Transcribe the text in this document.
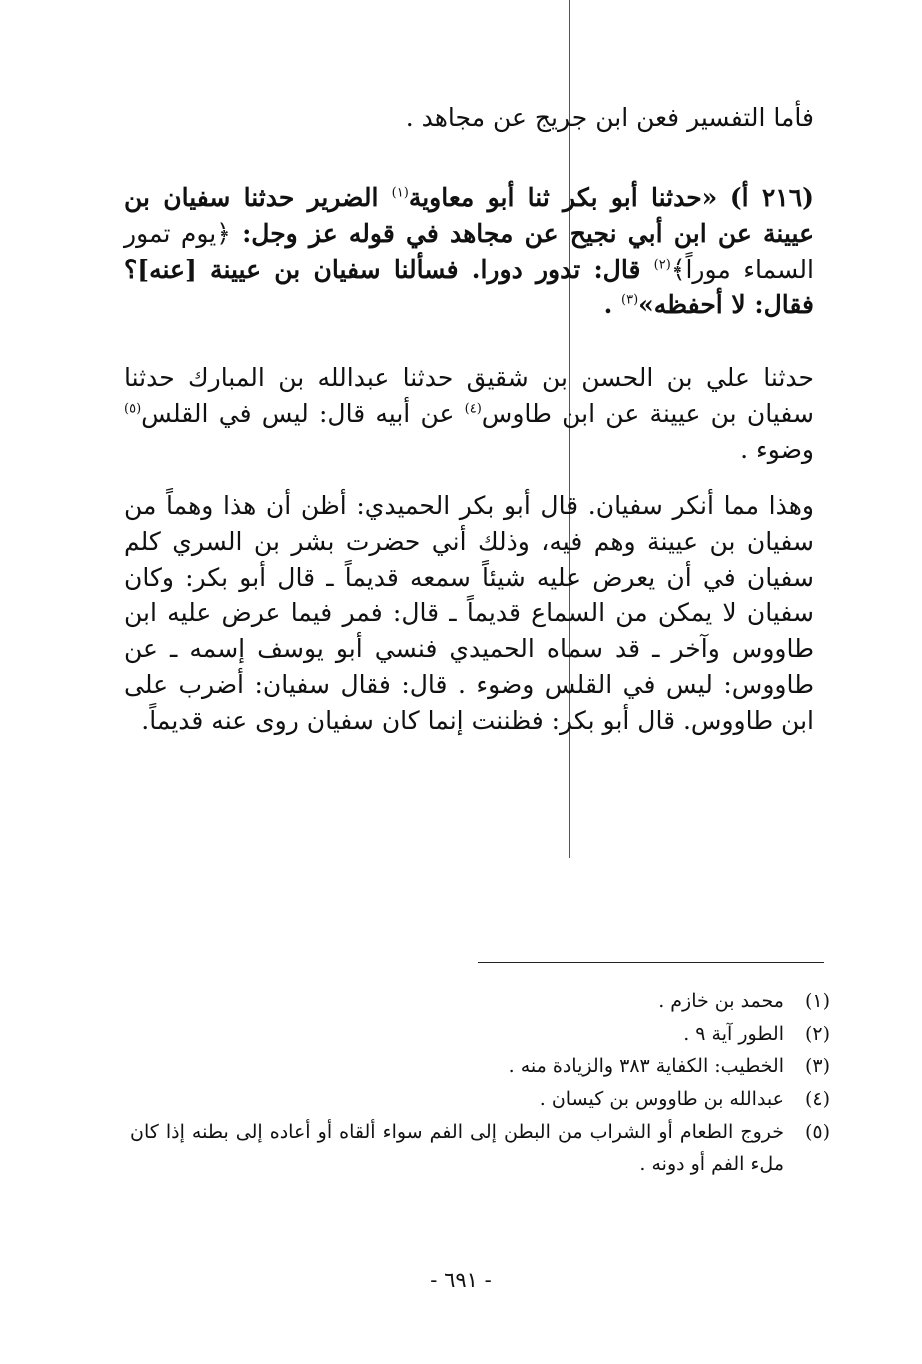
فأما التفسير فعن ابن جريج عن مجاهد .

(٢١٦ أ) «حدثنا أبو بكر ثنا أبو معاوية$^{(١)}$ الضرير حدثنا سفيان بن عيينة عن ابن أبي نجيح عن مجاهد في قوله عز وجل: ﴿يوم تمور السماء موراً﴾$^{(٢)}$ قال: تدور دورا. فسألنا سفيان بن عيينة [عنه]؟ فقال: لا أحفظه»$^{(٣)}$ .

حدثنا علي بن الحسن بن شقيق حدثنا عبدالله بن المبارك حدثنا سفيان بن عيينة عن ابن طاوس$^{(٤)}$ عن أبيه قال: ليس في القلس$^{(٥)}$ وضوء .

وهذا مما أنكر سفيان. قال أبو بكر الحميدي: أظن أن هذا وهماً من سفيان بن عيينة وهم فيه، وذلك أني حضرت بشر بن السري كلم سفيان في أن يعرض عليه شيئاً سمعه قديماً ـ قال أبو بكر: وكان سفيان لا يمكن من السماع قديماً ـ قال: فمر فيما عرض عليه ابن طاووس وآخر ـ قد سماه الحميدي فنسي أبو يوسف إسمه ـ عن طاووس: ليس في القلس وضوء . قال: فقال سفيان: أضرب على ابن طاووس. قال أبو بكر: فظننت إنما كان سفيان روى عنه قديماً.

(١)
محمد بن خازم .
(٢)
الطور آية ٩ .
(٣)
الخطيب: الكفاية ٣٨٣ والزيادة منه .
(٤)
عبدالله بن طاووس بن كيسان .
(٥)
خروج الطعام أو الشراب من البطن إلى الفم سواء ألقاه أو أعاده إلى بطنه إذا كان ملء الفم أو دونه .
- ٦٩١ -
